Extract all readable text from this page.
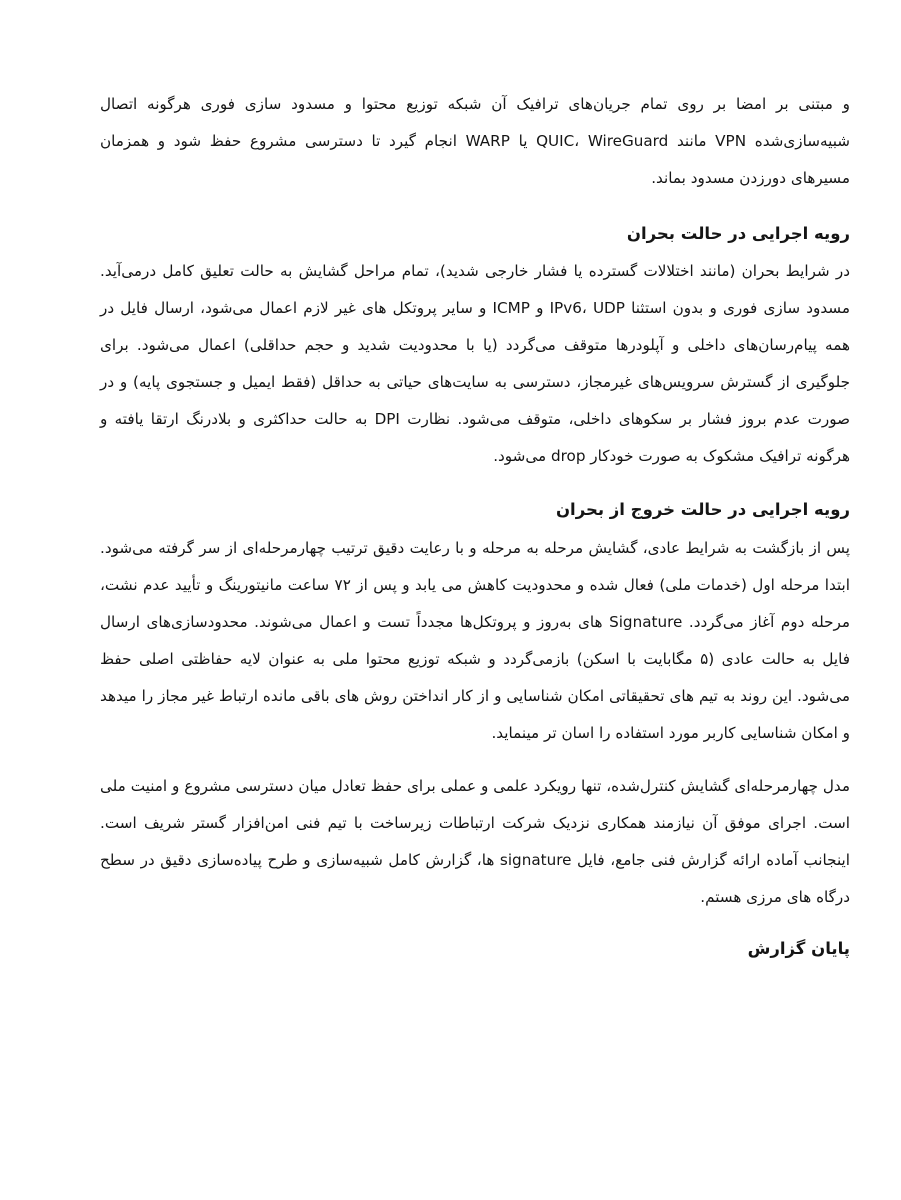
و مبتنی بر امضا بر روی تمام جریان‌های ترافیک آن شبکه توزیع محتوا و مسدود سازی فوری هرگونه اتصال شبیه‌سازی‌شده VPN مانند QUIC، WireGuard یا WARP انجام گیرد تا دسترسی مشروع حفظ شود و همزمان مسیرهای دورزدن مسدود بماند.

رویه اجرایی در حالت بحران

در شرایط بحران (مانند اختلالات گسترده یا فشار خارجی شدید)، تمام مراحل گشایش به حالت تعلیق کامل درمی‌آید. مسدود سازی فوری و بدون استثنا IPv6، UDP و ICMP و سایر پروتکل های غیر لازم اعمال می‌شود، ارسال فایل در همه پیام‌رسان‌های داخلی و آپلودرها متوقف می‌گردد (یا با محدودیت شدید و حجم حداقلی) اعمال می‌شود. برای جلوگیری از گسترش سرویس‌های غیرمجاز، دسترسی به سایت‌های حیاتی به حداقل (فقط ایمیل و جستجوی پایه) و در صورت عدم بروز فشار بر سکوهای داخلی، متوقف می‌شود. نظارت DPI به حالت حداکثری و بلادرنگ ارتقا یافته و هرگونه ترافیک مشکوک به صورت خودکار drop می‌شود.

رویه اجرایی در حالت خروج از بحران

پس از بازگشت به شرایط عادی، گشایش مرحله به مرحله و با رعایت دقیق ترتیب چهارمرحله‌ای از سر گرفته می‌شود. ابتدا مرحله اول (خدمات ملی) فعال شده و محدودیت کاهش می یابد و پس از ۷۲ ساعت مانیتورینگ و تأیید عدم نشت، مرحله دوم آغاز می‌گردد. Signature های به‌روز و پروتکل‌ها مجدداً تست و اعمال می‌شوند. محدودسازی‌های ارسال فایل به حالت عادی (۵ مگابایت با اسکن) بازمی‌گردد و شبکه توزیع محتوا ملی به عنوان لایه حفاظتی اصلی حفظ می‌شود. این روند به تیم های تحقیقاتی امکان شناسایی و از کار انداختن روش های باقی مانده ارتباط غیر مجاز را میدهد و امکان شناسایی کاربر مورد استفاده را اسان تر مینماید.

مدل چهارمرحله‌ای گشایش کنترل‌شده، تنها رویکرد علمی و عملی برای حفظ تعادل میان دسترسی مشروع و امنیت ملی است. اجرای موفق آن نیازمند همکاری نزدیک شرکت ارتباطات زیرساخت با تیم فنی امن‌افزار گستر شریف است. اینجانب آماده ارائه گزارش فنی جامع، فایل signature ها، گزارش کامل شبیه‌سازی و طرح پیاده‌سازی دقیق در سطح درگاه های مرزی هستم.

پایان گزارش
